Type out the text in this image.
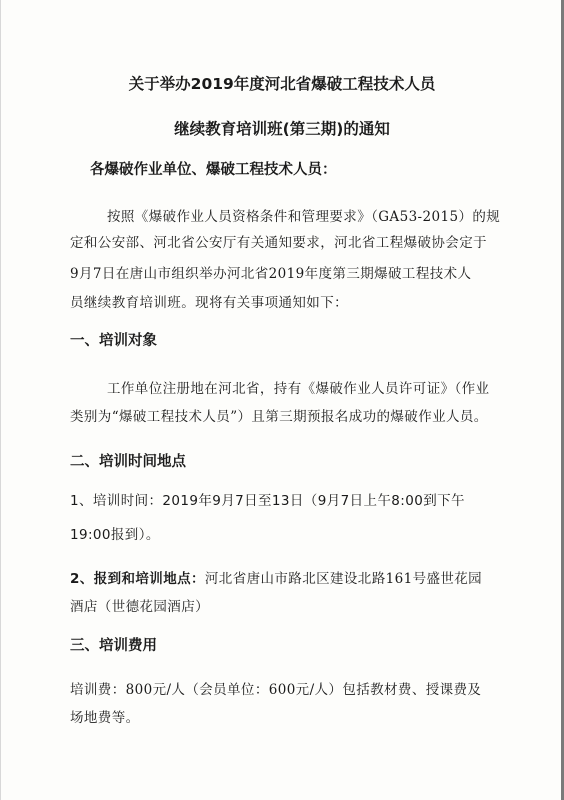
关于举办2019年度河北省爆破工程技术人员
继续教育培训班(第三期)的通知
各爆破作业单位、爆破工程技术人员：
按照《爆破作业人员资格条件和管理要求》（GA53-2015）的规
定和公安部、河北省公安厅有关通知要求，河北省工程爆破协会定于
9月7日在唐山市组织举办河北省2019年度第三期爆破工程技术人
员继续教育培训班。现将有关事项通知如下：
一、培训对象
工作单位注册地在河北省，持有《爆破作业人员许可证》（作业
类别为“爆破工程技术人员”）且第三期预报名成功的爆破作业人员。
二、培训时间地点
1、培训时间：2019年9月7日至13日（9月7日上午8:00到下午
19:00报到）。
2、报到和培训地点：河北省唐山市路北区建设北路161号盛世花园
酒店（世德花园酒店）
三、培训费用
培训费：800元/人（会员单位：600元/人）包括教材费、授课费及
场地费等。
